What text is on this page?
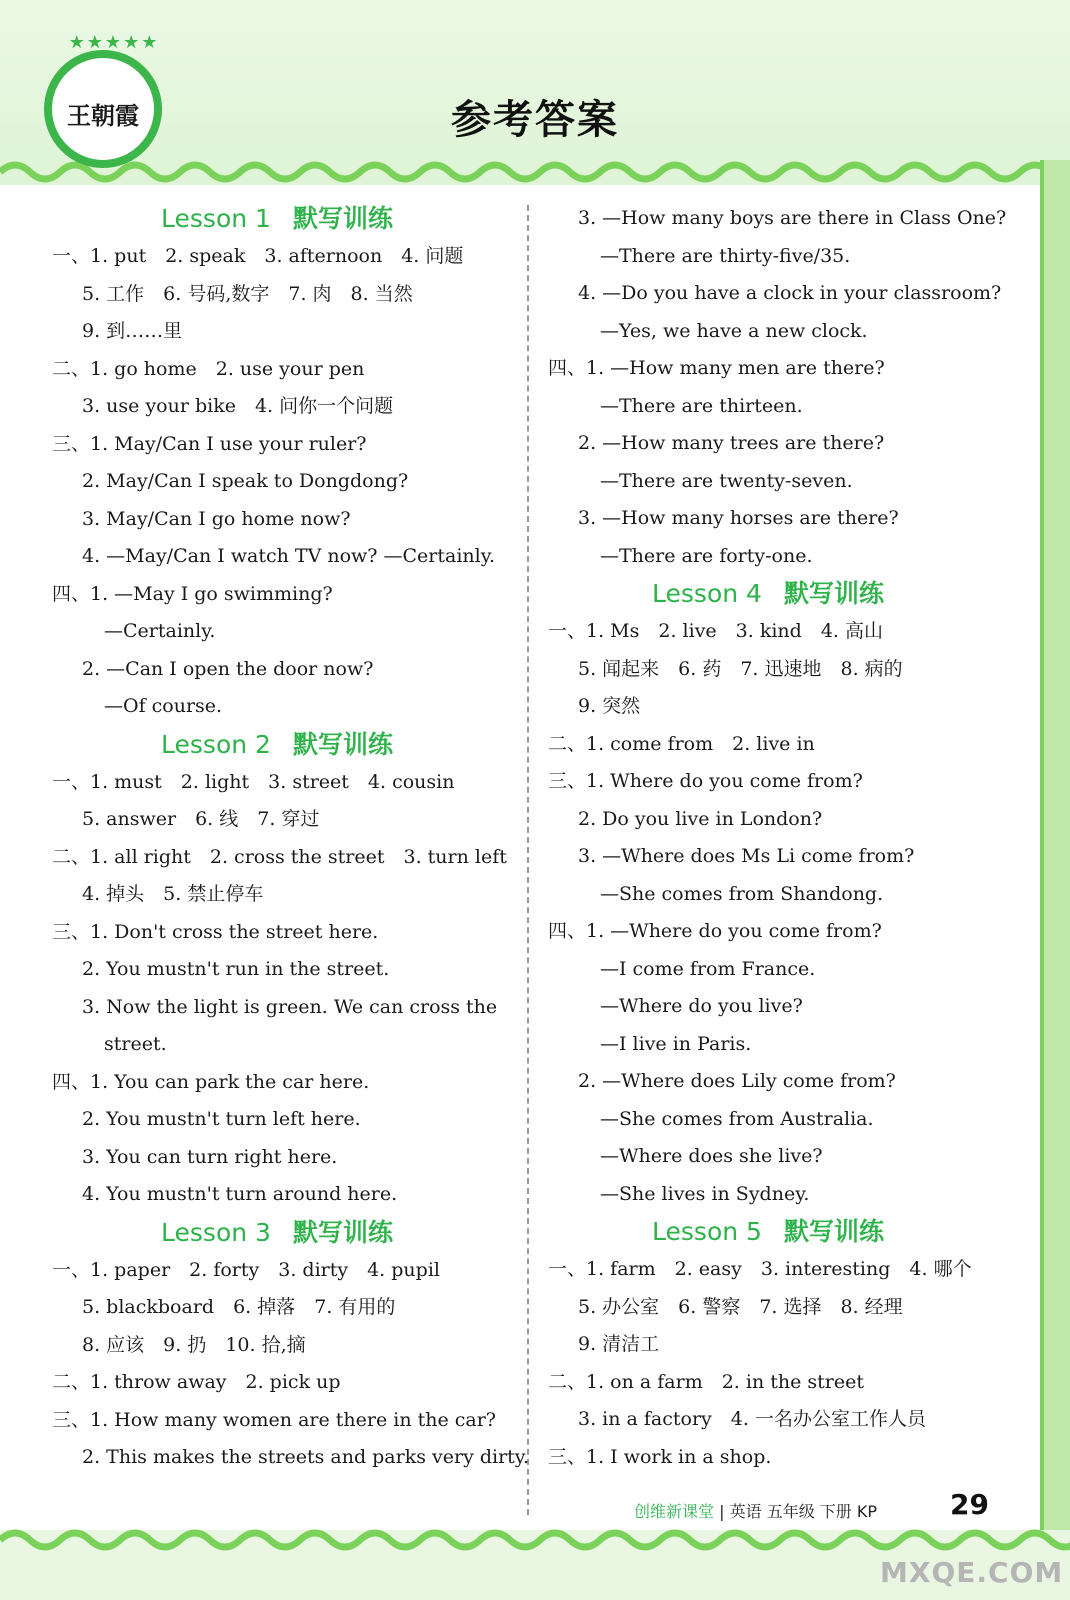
★★★★★
王朝霞	参考答案
Lesson 1 默写训练
一、1. put　2. speak　3. afternoon　4. 问题
5. 工作　6. 号码,数字　7. 肉　8. 当然
9. 到……里
二、1. go home　2. use your pen
3. use your bike　4. 问你一个问题
三、1. May/Can I use your ruler?
2. May/Can I speak to Dongdong?
3. May/Can I go home now?
4. —May/Can I watch TV now? —Certainly.
四、1. —May I go swimming?
—Certainly.
2. —Can I open the door now?
—Of course.
Lesson 2 默写训练
一、1. must　2. light　3. street　4. cousin
5. answer　6. 线　7. 穿过
二、1. all right　2. cross the street　3. turn left
4. 掉头　5. 禁止停车
三、1. Don't cross the street here.
2. You mustn't run in the street.
3. Now the light is green. We can cross the
street.
四、1. You can park the car here.
2. You mustn't turn left here.
3. You can turn right here.
4. You mustn't turn around here.
Lesson 3 默写训练
一、1. paper　2. forty　3. dirty　4. pupil
5. blackboard　6. 掉落　7. 有用的
8. 应该　9. 扔　10. 拾,摘
二、1. throw away　2. pick up
三、1. How many women are there in the car?
2. This makes the streets and parks very dirty.
3. —How many boys are there in Class One?
—There are thirty-five/35.
4. —Do you have a clock in your classroom?
—Yes, we have a new clock.
四、1. —How many men are there?
—There are thirteen.
2. —How many trees are there?
—There are twenty-seven.
3. —How many horses are there?
—There are forty-one.
Lesson 4 默写训练
一、1. Ms　2. live　3. kind　4. 高山
5. 闻起来　6. 药　7. 迅速地　8. 病的
9. 突然
二、1. come from　2. live in
三、1. Where do you come from?
2. Do you live in London?
3. —Where does Ms Li come from?
—She comes from Shandong.
四、1. —Where do you come from?
—I come from France.
—Where do you live?
—I live in Paris.
2. —Where does Lily come from?
—She comes from Australia.
—Where does she live?
—She lives in Sydney.
Lesson 5 默写训练
一、1. farm　2. easy　3. interesting　4. 哪个
5. 办公室　6. 警察　7. 选择　8. 经理
9. 清洁工
二、1. on a farm　2. in the street
3. in a factory　4. 一名办公室工作人员
三、1. I work in a shop.
创维新课堂 | 英语 五年级 下册 KP	29
MXQE.COM
